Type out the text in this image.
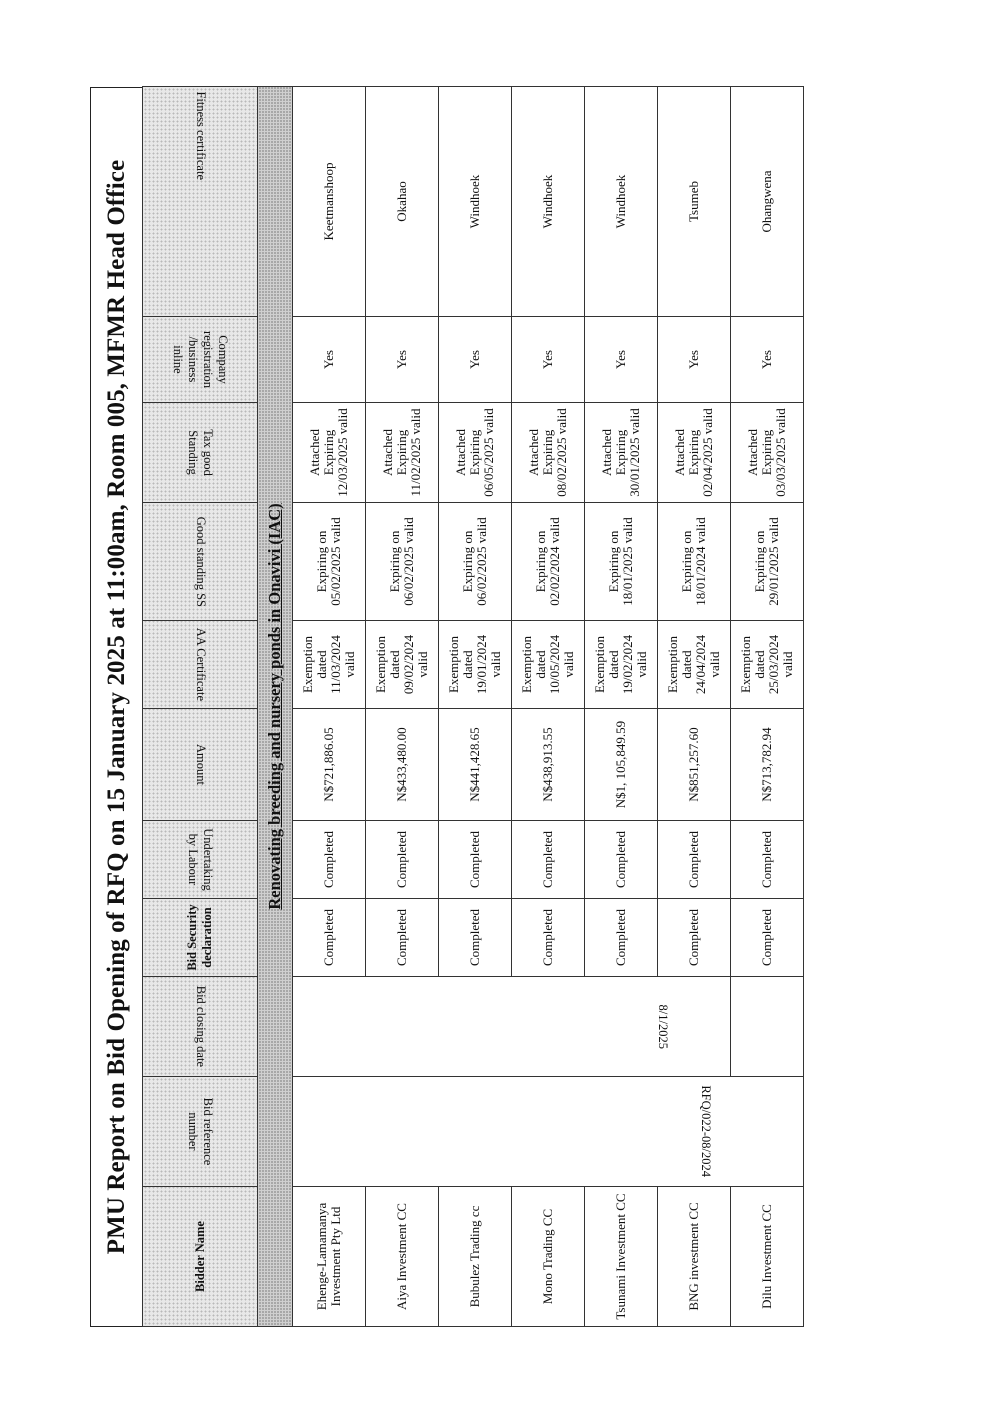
PMU Report on Bid Opening of RFQ on 15 January 2025 at 11:00am, Room 005, MFMR Head Office
Bidder Name	Bid reference number	Bid closing date	Bid Security declaration	Undertaking by Labour	Amount	AA Certificate	Good standing SS	Tax good Standing	Company registration /business inline	Fitness certificate
Renovating breeding and nursery ponds in Onavivi (IAC)										
Ehenge-Lamamanya Investment Pty Ltd	RFQ/022-08/2024	8/1/2025	Completed	Completed	N$721,886.05	Exemption dated 11/03/2024 valid	Expiring on 05/02/2025 valid	Attached Expiring 12/03/2025 valid	Yes	Keetmanshoop
Aiya Investment CC			Completed	Completed	N$433,480.00	Exemption dated 09/02/2024 valid	Expiring on 06/02/2025 valid	Attached Expiring 11/02/2025 valid	Yes	Okahao
Bubulez Trading cc			Completed	Completed	N$441,428.65	Exemption dated 19/01/2024 valid	Expiring on 06/02/2025 valid	Attached Expiring 06/05/2025 valid	Yes	Windhoek
Mono Trading CC			Completed	Completed	N$438,913.55	Exemption dated 10/05/2024 valid	Expiring on 02/02/2024 valid	Attached Expiring 08/02/2025 valid	Yes	Windhoek
Tsunami Investment CC			Completed	Completed	N$1, 105,849.59	Exemption dated 19/02/2024 valid	Expiring on 18/01/2025 valid	Attached Expiring 30/01/2025 valid	Yes	Windhoek
BNG investment CC			Completed	Completed	N$851,257.60	Exemption dated 24/04/2024 valid	Expiring on 18/01/2024 valid	Attached Expiring 02/04/2025 valid	Yes	Tsumeb
Dilu Investment CC			Completed	Completed	N$713,782.94	Exemption dated 25/03/2024 valid	Expiring on 29/01/2025 valid	Attached Expiring 03/03/2025 valid	Yes	Ohangwena
